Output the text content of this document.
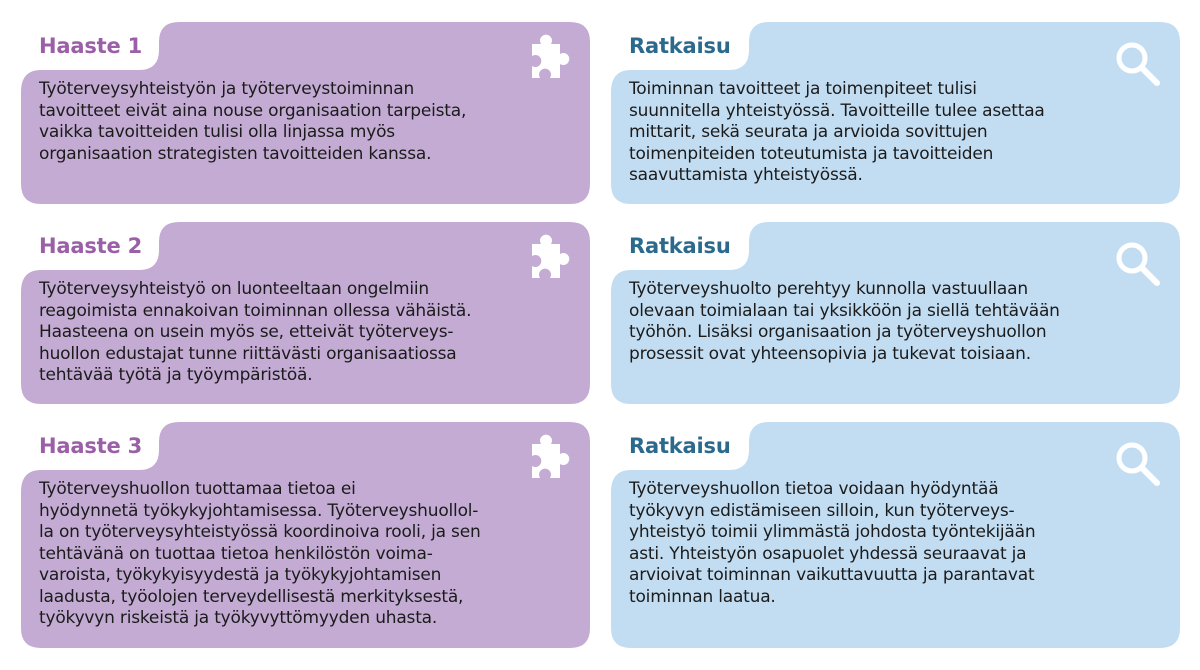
Haaste 1
Työterveysyhteistyön ja työterveystoiminnan
tavoitteet eivät aina nouse organisaation tarpeista,
vaikka tavoitteiden tulisi olla linjassa myös
organisaation strategisten tavoitteiden kanssa.
Ratkaisu
Toiminnan tavoitteet ja toimenpiteet tulisi
suunnitella yhteistyössä. Tavoitteille tulee asettaa
mittarit, sekä seurata ja arvioida sovittujen
toimenpiteiden toteutumista ja tavoitteiden
saavuttamista yhteistyössä.
Haaste 2
Työterveysyhteistyö on luonteeltaan ongelmiin
reagoimista ennakoivan toiminnan ollessa vähäistä.
Haasteena on usein myös se, etteivät työterveys-
huollon edustajat tunne riittävästi organisaatiossa
tehtävää työtä ja työympäristöä.
Ratkaisu
Työterveyshuolto perehtyy kunnolla vastuullaan
olevaan toimialaan tai yksikköön ja siellä tehtävään
työhön. Lisäksi organisaation ja työterveyshuollon
prosessit ovat yhteensopivia ja tukevat toisiaan.
Haaste 3
Työterveyshuollon tuottamaa tietoa ei
hyödynnetä työkykyjohtamisessa. Työterveyshuollol-
la on työterveysyhteistyössä koordinoiva rooli, ja sen
tehtävänä on tuottaa tietoa henkilöstön voima-
varoista, työkykyisyydestä ja työkykyjohtamisen
laadusta, työolojen terveydellisestä merkityksestä,
työkyvyn riskeistä ja työkyvyttömyyden uhasta.
Ratkaisu
Työterveyshuollon tietoa voidaan hyödyntää
työkyvyn edistämiseen silloin, kun työterveys-
yhteistyö toimii ylimmästä johdosta työntekijään
asti. Yhteistyön osapuolet yhdessä seuraavat ja
arvioivat toiminnan vaikuttavuutta ja parantavat
toiminnan laatua.
